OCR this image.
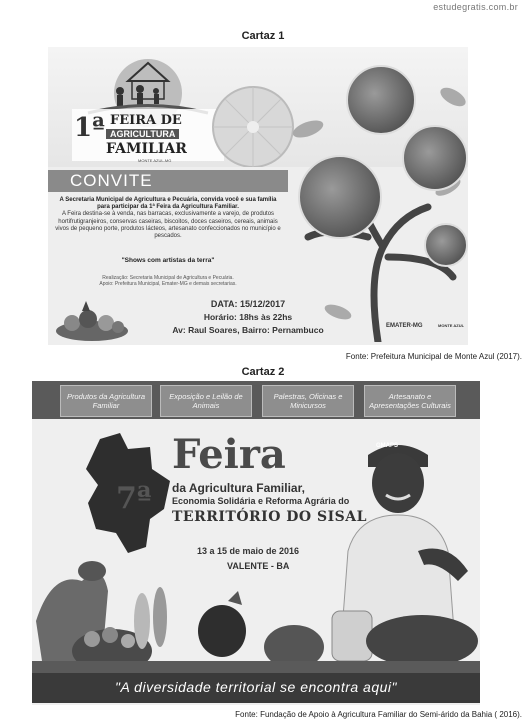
estudegratis.com.br
Cartaz 1
1ª FEIRA DE
AGRICULTURA
FAMILIAR
MONTE AZUL-MG
CONVITE
A Secretaria Municipal de Agricultura e Pecuária, convida você e sua família para participar da 1ª Feira da Agricultura Familiar.
A Feira destina-se à venda, nas barracas, exclusivamente a varejo, de produtos hortifrutigranjeiros, conservas caseiras, biscoitos, doces caseiros, cereais, animais vivos de pequeno porte, produtos lácteos, artesanato confeccionados no município e pescados.
"Shows com artistas da terra"
Realização: Secretaria Municipal de Agricultura e Pecuária.
Apoio: Prefeitura Municipal, Emater-MG e demais secretarias.
DATA: 15/12/2017
Horário: 18hs às 22hs
Av: Raul Soares, Bairro: Pernambuco	EMATER-MG	MONTE AZUL
Fonte: Prefeitura Municipal de Monte Azul (2017).
Cartaz 2
Produtos da Agricultura Familiar
Exposição e Leilão de Animais
Palestras, Oficinas e Minicursos
Artesanato e Apresentações Culturais
7ª
Feira
da Agricultura Familiar,
Economia Solidária e Reforma Agrária do
TERRITÓRIO DO SISAL
13 a 15 de maio de 2016
VALENTE - BA
GMAPS
"A diversidade territorial se encontra aqui"
Fonte: Fundação de Apoio à Agricultura Familiar do Semi-árido da Bahia ( 2016).
